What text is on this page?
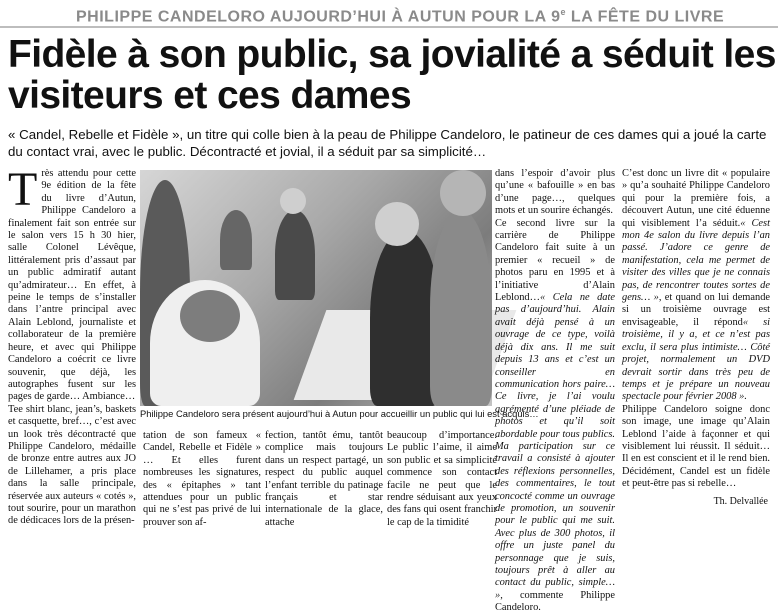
PHILIPPE CANDELORO AUJOURD’HUI À AUTUN POUR LA 9e LA FÊTE DU LIVRE
Fidèle à son public, sa jovialité a séduit les visiteurs et ces dames
« Candel, Rebelle et Fidèle », un titre qui colle bien à la peau de Philippe Candeloro, le patineur de ces dames qui a joué la carte du contact vrai, avec le public. Décontracté et jovial, il a séduit par sa simplicité…

Très attendu pour cette 9e édition de la fête du livre d’Autun, Philippe Candeloro a finalement fait son entrée sur le salon vers 15 h 30 hier, salle Colonel Lévêque, littéralement pris d’assaut par un public admiratif autant qu’admirateur… En effet, à peine le temps de s’installer dans l’antre principal avec Alain Leblond, journaliste et collaborateur de la première heure, et avec qui Philippe Candeloro a coécrit ce livre souvenir, que déjà, les autographes fusent sur les pages de garde… Ambiance…

Tee shirt blanc, jean’s, baskets et casquette, bref…, c’est avec un look très décontracté que Philippe Candeloro, médaille de bronze entre autres aux JO de Lillehamer, a pris place dans la salle principale, réservée aux auteurs « cotés », tout sourire, pour un marathon de dédicaces lors de la présen-

Philippe Candeloro sera présent aujourd’hui à Autun pour accueillir un public qui lui est acquis…

tation de son fameux « Candel, Rebelle et Fidèle » … Et elles furent nombreuses les signatures, des « épitaphes » tant attendues pour un public qui ne s’est pas privé de lui prouver son af-

fection, tantôt ému, tantôt complice mais toujours dans un respect partagé, un respect du public auquel l’enfant terrible du patinage français et star internationale de la glace, attache

beaucoup d’importance. Le public l’aime, il aime son public et sa simplicité commence son contact facile ne peut que le rendre séduisant aux yeux des fans qui osent franchir le cap de la timidité

dans l’espoir d’avoir plus qu’une « bafouille » en bas d’une page…, quelques mots et un sourire échangés.

Ce second livre sur la carrière de Philippe Candeloro fait suite à un premier « recueil » de photos paru en 1995 et à l’initiative d’Alain Leblond…« Cela ne date pas d’aujourd’hui. Alain avait déjà pensé à un ouvrage de ce type, voilà déjà dix ans. Il me suit depuis 13 ans et c’est un conseiller en communication hors paire… Ce livre, je l’ai voulu agrémenté d’une pléiade de photos et qu’il soit abordable pour tous publics. Ma participation sur ce travail a consisté à ajouter des réflexions personnelles, des commentaires, le tout concocté comme un ouvrage de promotion, un souvenir pour le public qui me suit. Avec plus de 300 photos, il offre un juste panel du personnage que je suis, toujours prêt à aller au contact du public, simple… », commente Philippe Candeloro.

C’est donc un livre dit « populaire » qu’a souhaité Philippe Candeloro qui pour la première fois, a découvert Autun, une cité éduenne qui visiblement l’a séduit.« Cest mon 4e salon du livre depuis l’an passé. J’adore ce genre de manifestation, cela me permet de visiter des villes que je ne connais pas, de rencontrer toutes sortes de gens… », et quand on lui demande si un troisième ouvrage est envisageable, il répond« si troisième, il y a, et ce n’est pas exclu, il sera plus intimiste… Côté projet, normalement un DVD devrait sortir dans très peu de temps et je prépare un nouveau spectacle pour février 2008 ».

Philippe Candeloro soigne donc son image, une image qu’Alain Leblond l’aide à façonner et qui visiblement lui réussit. Il séduit… Il en est conscient et il le rend bien. Décidément, Candel est un fidèle et peut-être pas si rebelle…

Th. Delvallée
